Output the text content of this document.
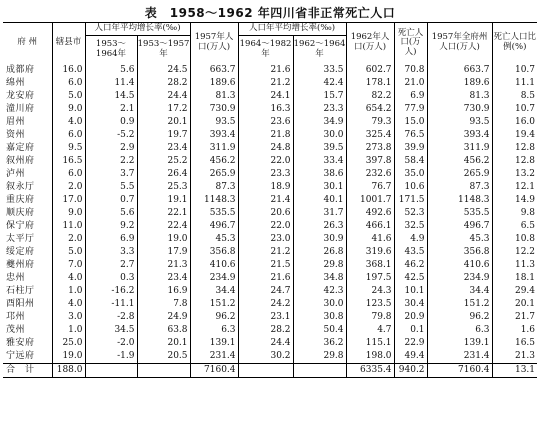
表　1958～1962 年四川省非正常死亡人口
府 州	辖县市	人口年平均增长率(‰)		1957年人口(万人)	人口年平均增长率(‰)		1962年人口(万人)	死亡人口(万人)	1957年全府州人口(万人)	死亡人口比例(%)
		1953～1964年	1953～1957年		1964～1982年	1962～1964年				

成都府	16.0	5.6	24.5	663.7	21.6	33.5	602.7	70.8	663.7	10.7
绵州	6.0	11.4	28.2	189.6	21.2	42.4	178.1	21.0	189.6	11.1
龙安府	5.0	14.5	24.4	81.3	24.1	15.7	82.2	6.9	81.3	8.5
潼川府	9.0	2.1	17.2	730.9	16.3	23.3	654.2	77.9	730.9	10.7
眉州	4.0	0.9	20.1	93.5	23.6	34.9	79.3	15.0	93.5	16.0
资州	6.0	-5.2	19.7	393.4	21.8	30.0	325.4	76.5	393.4	19.4
嘉定府	9.5	2.9	23.4	311.9	24.8	39.5	273.8	39.9	311.9	12.8
叙州府	16.5	2.2	25.2	456.2	22.0	33.4	397.8	58.4	456.2	12.8
泸州	6.0	3.7	26.4	265.9	23.3	38.6	232.6	35.0	265.9	13.2
叙永厅	2.0	5.5	25.3	87.3	18.9	30.1	76.7	10.6	87.3	12.1
重庆府	17.0	0.7	19.1	1148.3	21.4	40.1	1001.7	171.5	1148.3	14.9
顺庆府	9.0	5.6	22.1	535.5	20.6	31.7	492.6	52.3	535.5	9.8
保宁府	11.0	9.2	22.4	496.7	22.0	26.3	466.1	32.5	496.7	6.5
太平厅	2.0	6.9	19.0	45.3	23.0	30.9	41.6	4.9	45.3	10.8
绥定府	5.0	3.3	17.9	356.8	21.2	26.8	319.6	43.5	356.8	12.2
夔州府	7.0	2.7	21.3	410.6	21.5	29.8	368.1	46.2	410.6	11.3
忠州	4.0	0.3	23.4	234.9	21.6	34.8	197.5	42.5	234.9	18.1
石柱厅	1.0	-16.2	16.9	34.4	24.7	42.3	24.3	10.1	34.4	29.4
酉阳州	4.0	-11.1	7.8	151.2	24.2	30.0	123.5	30.4	151.2	20.1
邛州	3.0	-2.8	24.9	96.2	23.1	30.8	79.8	20.9	96.2	21.7
茂州	1.0	34.5	63.8	6.3	28.2	50.4	4.7	0.1	6.3	1.6
雅安府	25.0	-2.0	20.1	139.1	24.4	36.2	115.1	22.9	139.1	16.5
宁远府	19.0	-1.9	20.5	231.4	30.2	29.8	198.0	49.4	231.4	21.3
合　计	188.0			7160.4			6335.4	940.2	7160.4	13.1
